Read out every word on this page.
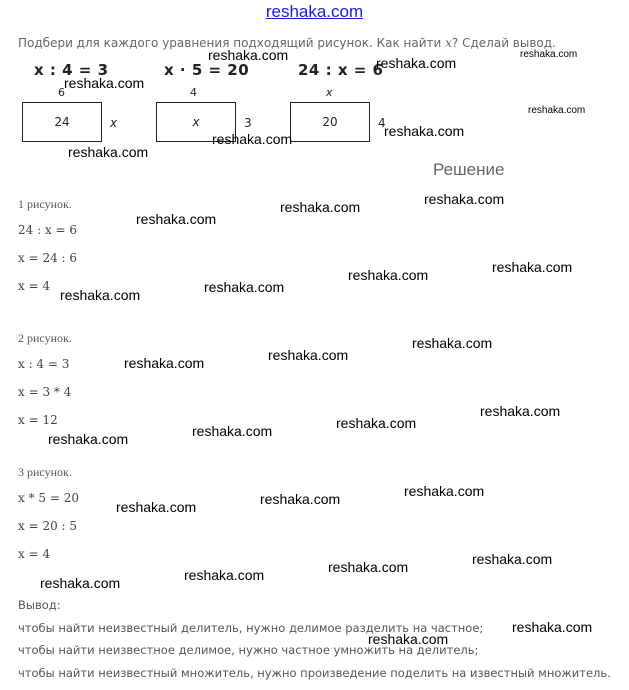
reshaka.com
Подбери для каждого уравнения подходящий рисунок. Как найти x? Сделай вывод.
x : 4 = 3	x · 5 = 20	24 : x = 6
6
24	x
4
x	3
x
20	4
Решение
1 рисунок.
24 : x = 6
x = 24 : 6
x = 4
2 рисунок.
x : 4 = 3
x = 3 * 4
x = 12
3 рисунок.
x * 5 = 20
x = 20 : 5
x = 4
Вывод:
чтобы найти неизвестный делитель, нужно делимое разделить на частное;
чтобы найти неизвестное делимое, нужно частное умножить на делитель;
чтобы найти неизвестный множитель, нужно произведение поделить на известный множитель.
reshaka.com	reshaka.com
reshaka.com
reshaka.com
reshaka.com
reshaka.com
reshaka.com
reshaka.com
reshaka.com
reshaka.com
reshaka.com
reshaka.com
reshaka.com
reshaka.com
reshaka.com
reshaka.com
reshaka.com
reshaka.com
reshaka.com
reshaka.com
reshaka.com
reshaka.com
reshaka.com
reshaka.com
reshaka.com
reshaka.com
reshaka.com
reshaka.com
reshaka.com
reshaka.com
reshaka.com
